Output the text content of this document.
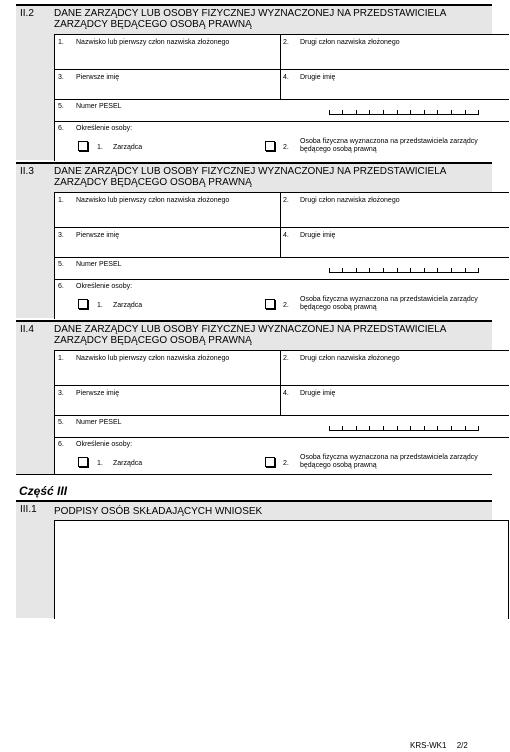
II.2 DANE ZARZĄDCY LUB OSOBY FIZYCZNEJ WYZNACZONEJ NA PRZEDSTAWICIELA ZARZĄDCY BĘDĄCEGO OSOBĄ PRAWNĄ
1. Nazwisko lub pierwszy człon nazwiska złożonego	2. Drugi człon nazwiska złożonego
3. Pierwsze imię	4. Drugie imię
5. Numer PESEL
6. Określenie osoby:
1. Zarządca	2.
Osoba fizyczna wyznaczona na przedstawiciela zarządcy będącego osobą prawną
II.3 DANE ZARZĄDCY LUB OSOBY FIZYCZNEJ WYZNACZONEJ NA PRZEDSTAWICIELA ZARZĄDCY BĘDĄCEGO OSOBĄ PRAWNĄ
1. Nazwisko lub pierwszy człon nazwiska złożonego	2. Drugi człon nazwiska złożonego
3. Pierwsze imię	4. Drugie imię
5. Numer PESEL
6. Określenie osoby:
1. Zarządca	2.
Osoba fizyczna wyznaczona na przedstawiciela zarządcy będącego osobą prawną
II.4 DANE ZARZĄDCY LUB OSOBY FIZYCZNEJ WYZNACZONEJ NA PRZEDSTAWICIELA ZARZĄDCY BĘDĄCEGO OSOBĄ PRAWNĄ
1. Nazwisko lub pierwszy człon nazwiska złożonego	2. Drugi człon nazwiska złożonego
3. Pierwsze imię	4. Drugie imię
5. Numer PESEL
6. Określenie osoby:
1. Zarządca	2.
Osoba fizyczna wyznaczona na przedstawiciela zarządcy będącego osobą prawną
Część III
III.1 PODPISY OSÓB SKŁADAJĄCYCH WNIOSEK
KRS-WK1 2/2
